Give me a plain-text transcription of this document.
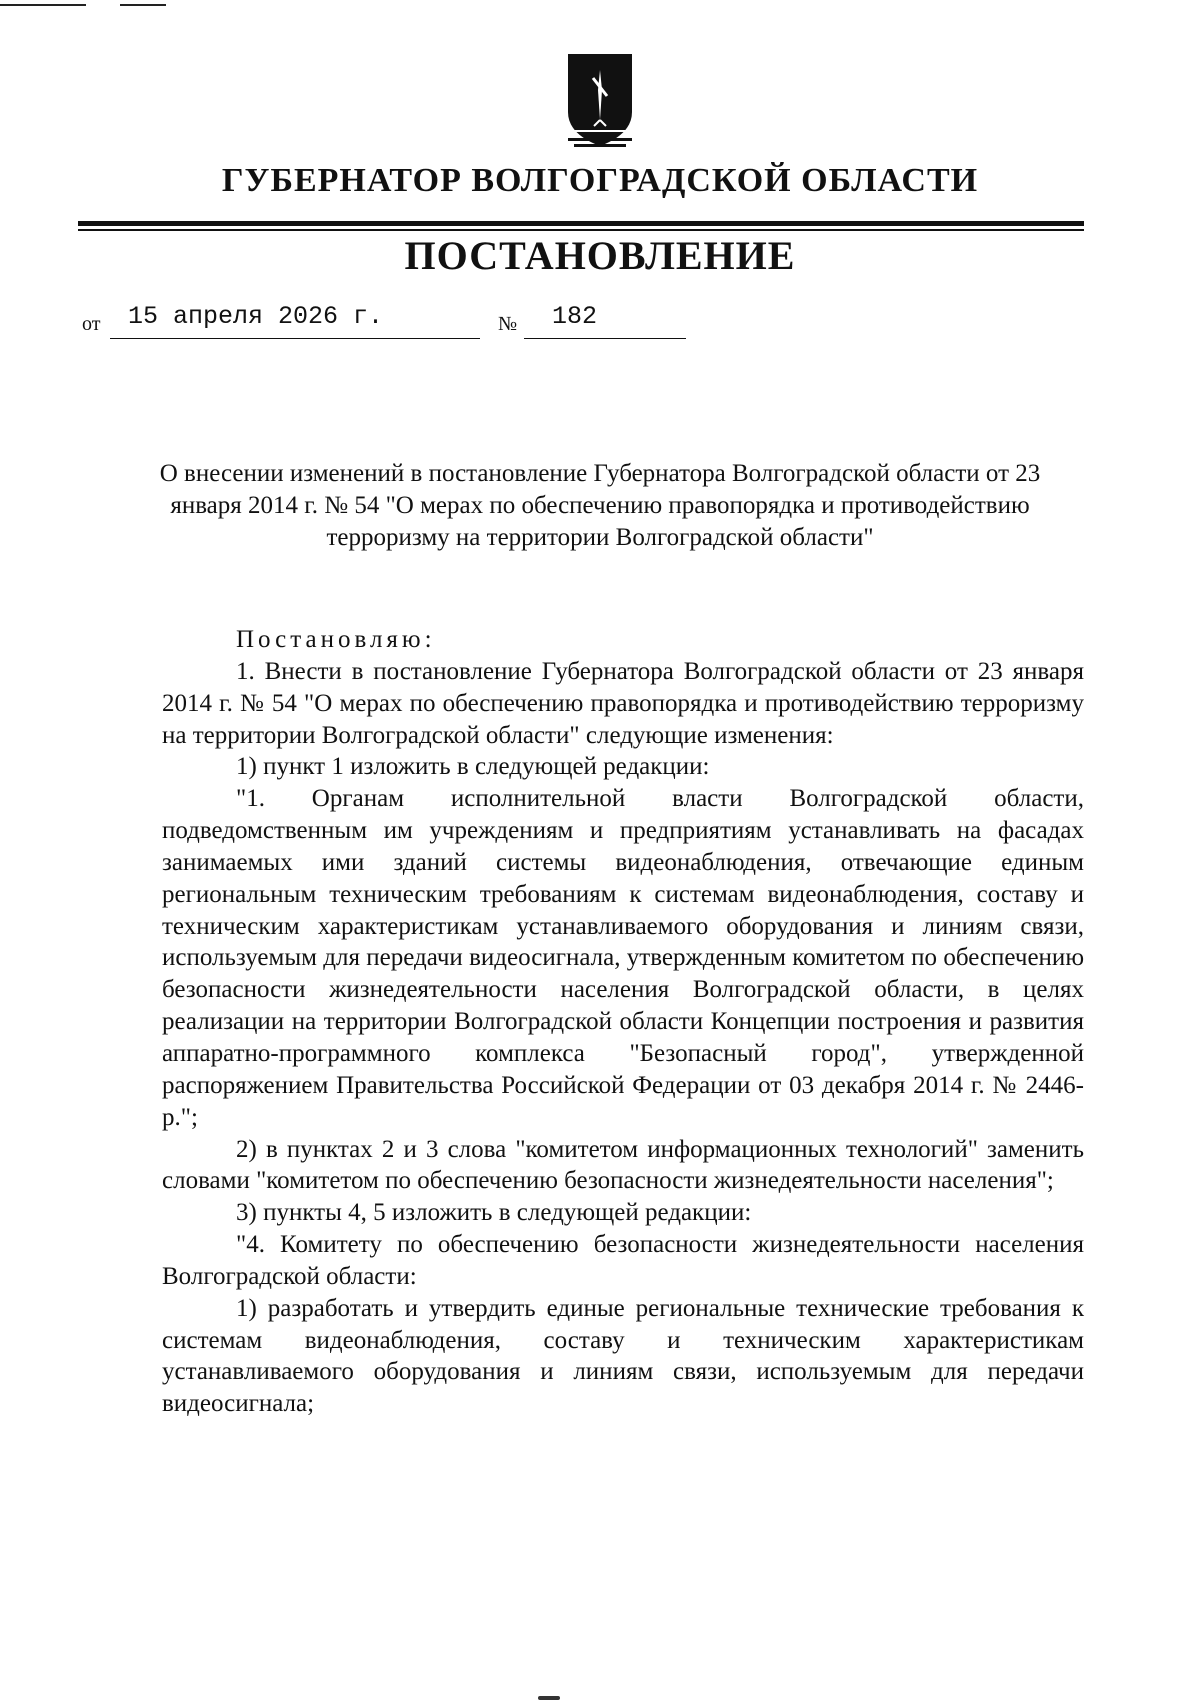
ГУБЕРНАТОР ВОЛГОГРАДСКОЙ ОБЛАСТИ
ПОСТАНОВЛЕНИЕ
от 15 апреля 2026 г.	№ 182
О внесении изменений в постановление Губернатора Волгоградской области от 23 января 2014 г. № 54 "О мерах по обеспечению правопорядка и противодействию терроризму на территории Волгоградской области"

Постановляю:

1. Внести в постановление Губернатора Волгоградской области от 23 января 2014 г. № 54 "О мерах по обеспечению правопорядка и противодействию терроризму на территории Волгоградской области" следующие изменения:

1) пункт 1 изложить в следующей редакции:

"1. Органам исполнительной власти Волгоградской области, подведомственным им учреждениям и предприятиям устанавливать на фасадах занимаемых ими зданий системы видеонаблюдения, отвечающие единым региональным техническим требованиям к системам видеонаблюдения, составу и техническим характеристикам устанавливаемого оборудования и линиям связи, используемым для передачи видеосигнала, утвержденным комитетом по обеспечению безопасности жизнедеятельности населения Волгоградской области, в целях реализации на территории Волгоградской области Концепции построения и развития аппаратно-программного комплекса "Безопасный город", утвержденной распоряжением Правительства Российской Федерации от 03 декабря 2014 г. № 2446-р.";

2) в пунктах 2 и 3 слова "комитетом информационных технологий" заменить словами "комитетом по обеспечению безопасности жизнедеятельности населения";

3) пункты 4, 5 изложить в следующей редакции:

"4. Комитету по обеспечению безопасности жизнедеятельности населения Волгоградской области:

1) разработать и утвердить единые региональные технические требования к системам видеонаблюдения, составу и техническим характеристикам устанавливаемого оборудования и линиям связи, используемым для передачи видеосигнала;
